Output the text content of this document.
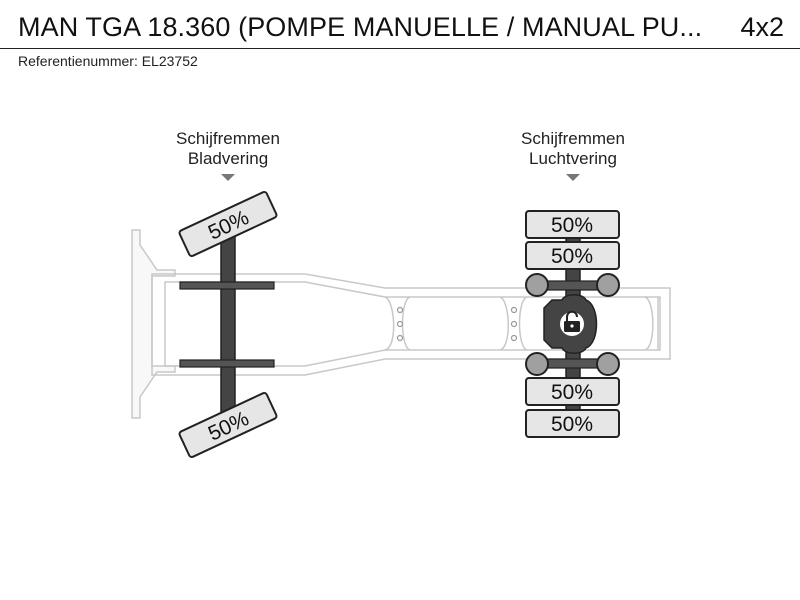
MAN TGA 18.360 (POMPE MANUELLE / MANUAL PU... 4x2
Referentienummer: EL23752
Schijfremmen
Bladvering
Schijfremmen
Luchtvering
50%
50%
50%
50%
50%
50%
